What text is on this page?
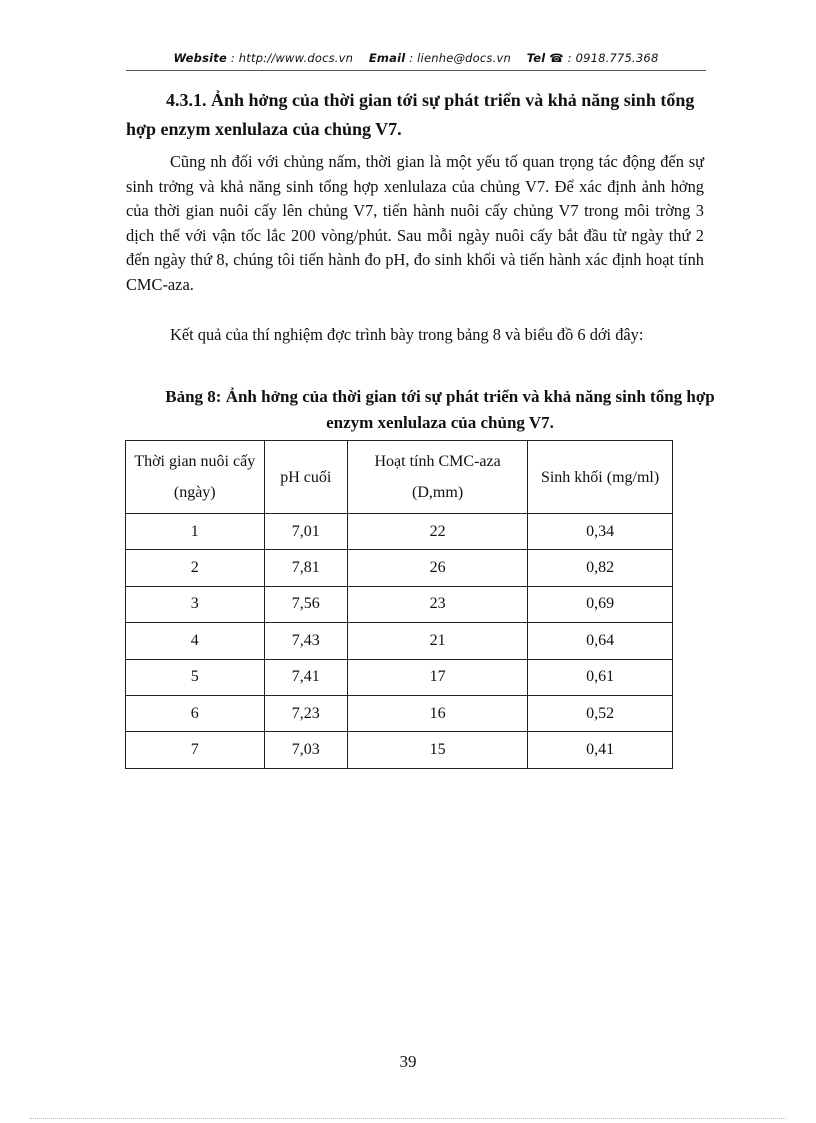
Website : http://www.docs.vn Email : lienhe@docs.vn Tel ☎ : 0918.775.368
4.3.1. Ảnh hởng của thời gian tới sự phát triển và khả năng sinh tổng hợp enzym xenlulaza của chủng V7.
Cũng nh đối với chủng nấm, thời gian là một yếu tố quan trọng tác động đến sự sinh trởng và khả năng sinh tổng hợp xenlulaza của chủng V7. Để xác định ảnh hởng của thời gian nuôi cấy lên chủng V7, tiến hành nuôi cấy chủng V7 trong môi trờng 3 dịch thể với vận tốc lắc 200 vòng/phút. Sau mỗi ngày nuôi cấy bắt đầu từ ngày thứ 2 đến ngày thứ 8, chúng tôi tiến hành đo pH, đo sinh khối và tiến hành xác định hoạt tính CMC-aza.
Kết quả của thí nghiệm đợc trình bày trong bảng 8 và biểu đồ 6 dới đây:
Bảng 8: Ảnh hởng của thời gian tới sự phát triển và khả năng sinh tổng hợp enzym xenlulaza của chủng V7.
Thời gian nuôi cấy (ngày)	pH cuối	Hoạt tính CMC-aza (D,mm)	Sinh khối (mg/ml)
1	7,01	22	0,34
2	7,81	26	0,82
3	7,56	23	0,69
4	7,43	21	0,64
5	7,41	17	0,61
6	7,23	16	0,52
7	7,03	15	0,41
39
